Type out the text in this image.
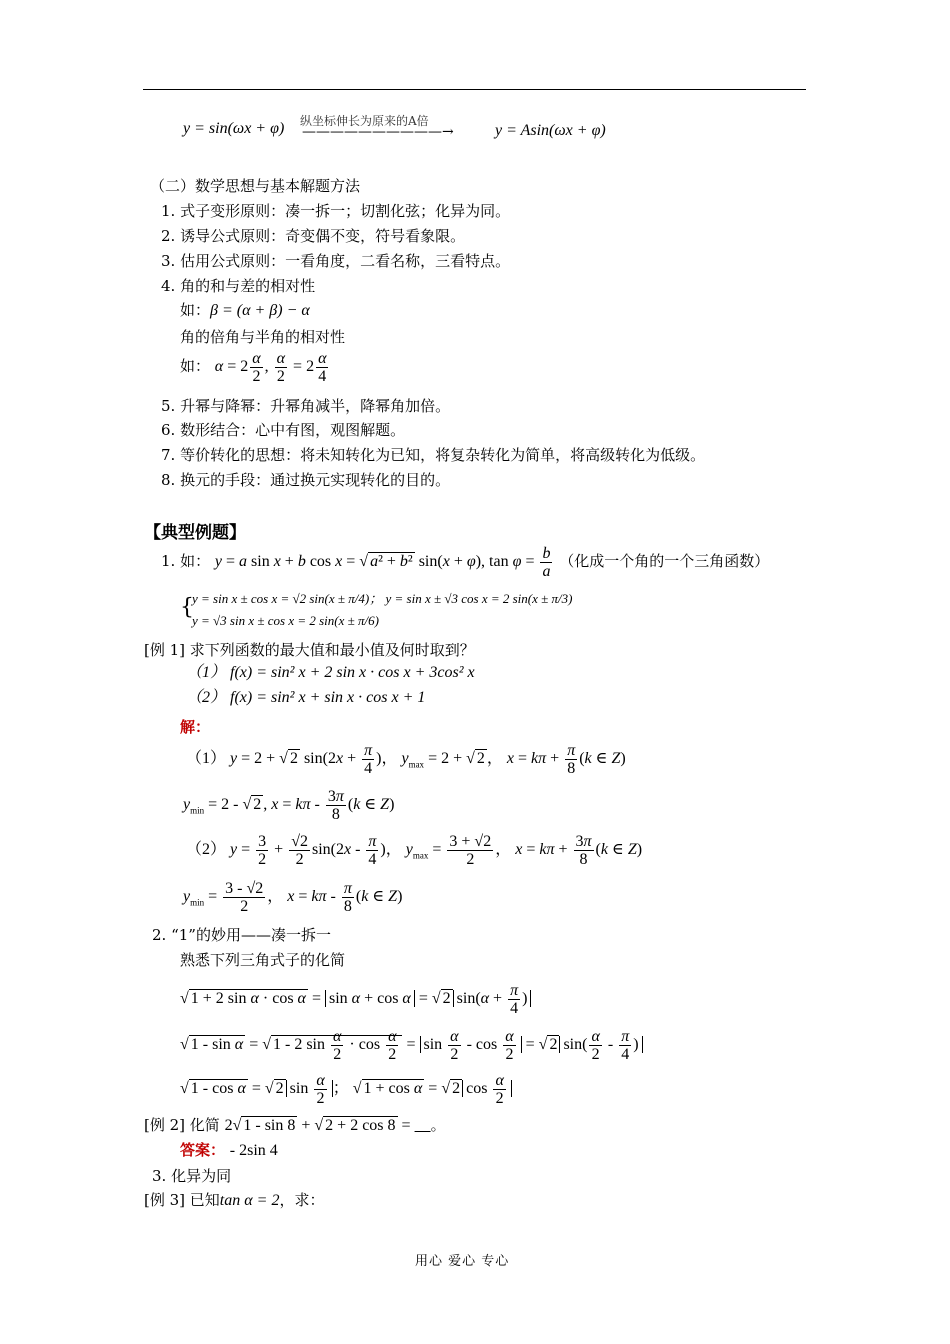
y = sin(ωx + φ) 纵坐标伸长为原来的A倍
——————————→	y = Asin(ωx + φ)
（二）数学思想与基本解题方法
1. 式子变形原则：凑一拆一；切割化弦；化异为同。
2. 诱导公式原则：奇变偶不变，符号看象限。
3. 估用公式原则：一看角度，二看名称，三看特点。
4. 角的和与差的相对性
如：β = (α + β) − α
角的倍角与半角的相对性
如： $\alpha = 2 \frac{\alpha}{2}$ , $\frac{\alpha}{2} = 2 \frac{\alpha}{4}$
5. 升幂与降幂：升幂角减半，降幂角加倍。
6. 数形结合：心中有图，观图解题。
7. 等价转化的思想：将未知转化为已知，将复杂转化为简单，将高级转化为低级。
8. 换元的手段：通过换元实现转化的目的。
【典型例题】
1. 如： y = a sin x + b cos x = √ a² + b² sin(x + φ), $\tan \varphi = \frac{b}{a}$ （化成一个角的一个三角函数）
{
y = sin x ± cos x = √2 sin(x ± π/4)； y = sin x ± √3 cos x = 2 sin(x ± π/3)
y = √3 sin x ± cos x = 2 sin(x ± π/6)
[例 1] 求下列函数的最大值和最小值及何时取到？
（1） f(x) = sin² x + 2 sin x · cos x + 3cos² x
（2） f(x) = sin² x + sin x · cos x + 1
解：
（1） y = 2 + √ 2 $\sin(2x + \frac{\pi}{4}$ )， $y_{max} = 2$ + √ 2 ， $x = k\pi + \frac{\pi}{8} (k$ ∈ Z)
$y_{min} = 2$ - √ 2 , $x = k\pi - \frac{3\pi}{8} (k$ ∈ Z)
（2） $y = \frac{3}{2} + \frac{√2}{2} \sin(2x - \frac{\pi}{4}$ )， $y_{max} = \frac{3 + √2}{2}$ ， $x = k\pi + \frac{3\pi}{8} (k$ ∈ Z)
$y_{min} = \frac{3 - √2}{2}$ ， $x = k\pi - \frac{\pi}{8} (k$ ∈ Z)
2. “1”的妙用——凑一拆一
熟悉下列三角式子的化简
√ 1 + 2 sin α · cos α = sin α + cos α = √ 2 $\sin(\alpha + \frac{\pi}{4}$ )
√ 1 - sin α = √ 1 - 2 $\sin \frac{\alpha}{2} \cdot \cos \frac{\alpha}{2} = \sin \frac{\alpha}{2} - \cos \frac{\alpha}{2}$ = √ 2 $\sin( \frac{\alpha}{2} - \frac{\pi}{4}$ )
√ 1 - cos α = √ 2 $\sin \frac{\alpha}{2}$ ； √ 1 + cos α = √ 2 $\cos \frac{\alpha}{2}$
[例 2] 化简 2√ 1 - sin 8 + √ 2 + 2 cos 8 =     。
答案： - 2sin 4
3. 化异为同
[例 3] 已知tan α = 2，求：
用心 爱心 专心
